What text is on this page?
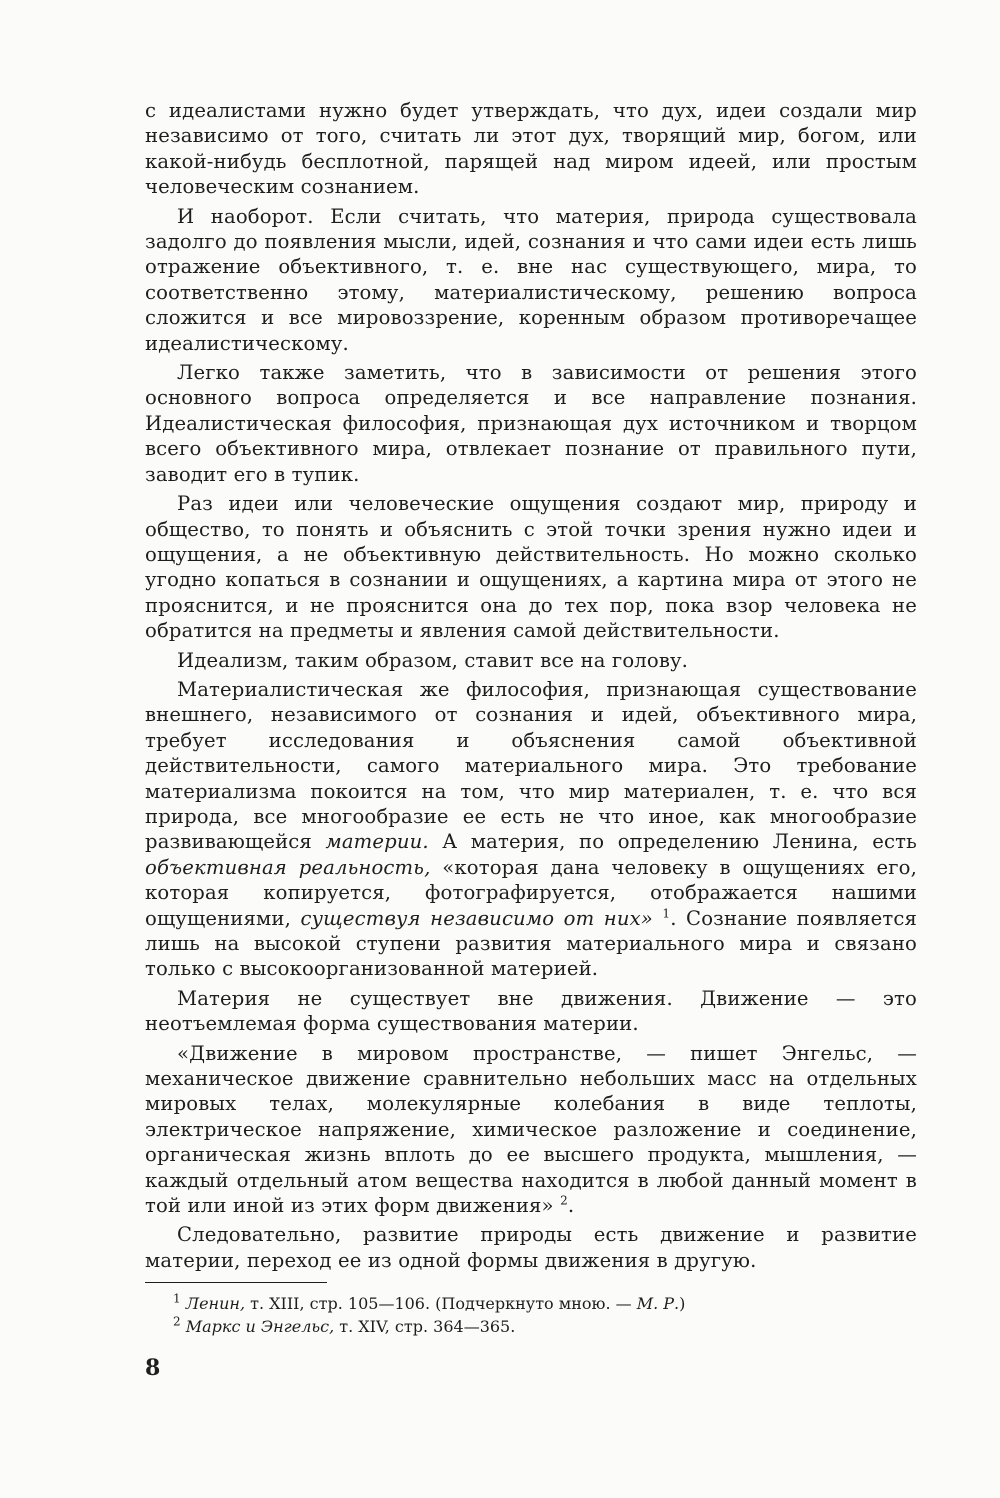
с идеалистами нужно будет утверждать, что дух, идеи создали мир независимо от того, считать ли этот дух, творящий мир, богом, или какой-нибудь бесплотной, парящей над миром идеей, или простым человеческим сознанием.

И наоборот. Если считать, что материя, природа существовала задолго до появления мысли, идей, сознания и что сами идеи есть лишь отражение объективного, т. е. вне нас существующего, мира, то соответственно этому, материалистическому, решению вопроса сложится и все мировоззрение, коренным образом противоречащее идеалистическому.

Легко также заметить, что в зависимости от решения этого основного вопроса определяется и все направление познания. Идеалистическая философия, признающая дух источником и творцом всего объективного мира, отвлекает познание от правильного пути, заводит его в тупик.

Раз идеи или человеческие ощущения создают мир, природу и общество, то понять и объяснить с этой точки зрения нужно идеи и ощущения, а не объективную действительность. Но можно сколько угодно копаться в сознании и ощущениях, а картина мира от этого не прояснится, и не прояснится она до тех пор, пока взор человека не обратится на предметы и явления самой действительности.

Идеализм, таким образом, ставит все на голову.

Материалистическая же философия, признающая существование внешнего, независимого от сознания и идей, объективного мира, требует исследования и объяснения самой объективной действительности, самого материального мира. Это требование материализма покоится на том, что мир материален, т. е. что вся природа, все многообразие ее есть не что иное, как многообразие развивающейся материи. А материя, по определению Ленина, есть объективная реальность, «которая дана человеку в ощущениях его, которая копируется, фотографируется, отображается нашими ощущениями, существуя независимо от них» $^1$. Сознание появляется лишь на высокой ступени развития материального мира и связано только с высокоорганизованной материей.

Материя не существует вне движения. Движение — это неотъемлемая форма существования материи.

«Движение в мировом пространстве, — пишет Энгельс, — механическое движение сравнительно небольших масс на отдельных мировых телах, молекулярные колебания в виде теплоты, электрическое напряжение, химическое разложение и соединение, органическая жизнь вплоть до ее высшего продукта, мышления, — каждый отдельный атом вещества находится в любой данный момент в той или иной из этих форм движения» $^2$.

Следовательно, развитие природы есть движение и развитие материи, переход ее из одной формы движения в другую.

$^1$ Ленин, т. XIII, стр. 105—106. (Подчеркнуто мною. — М. Р.)

$^2$ Маркс и Энгельс, т. XIV, стр. 364—365.

8
